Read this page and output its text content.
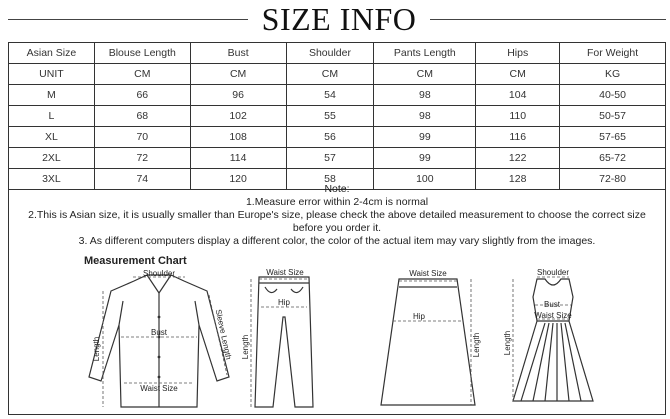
SIZE INFO
Asian Size	Blouse Length	Bust	Shoulder	Pants Length	Hips	For Weight
UNIT	CM	CM	CM	CM	CM	KG
M	66	96	54	98	104	40-50
L	68	102	55	98	110	50-57
XL	70	108	56	99	116	57-65
2XL	72	114	57	99	122	65-72
3XL	74	120	58	100	128	72-80
Note:
1.Measure error within 2-4cm is normal
2.This is Asian size, it is usually smaller than Europe's size, please check the above detailed measurement to choose the correct size
before you order it.
3. As different computers display a different color, the color of the actual item may vary slightly from the images.
Measurement Chart
Shoulder
Bust
Waist Size
Length	Sleeve Length
Waist Size
Hip
Length
Waist Size
Hip
Length
Shoulder
Bust
Waist Size
Length
